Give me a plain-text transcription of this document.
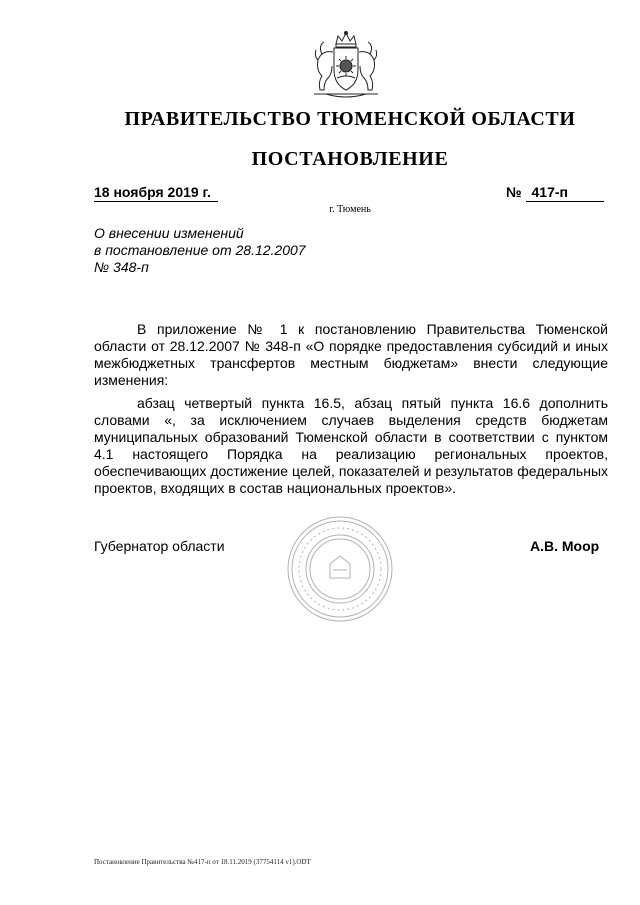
ПРАВИТЕЛЬСТВО ТЮМЕНСКОЙ ОБЛАСТИ
ПОСТАНОВЛЕНИЕ
18 ноября 2019 г.	№ 417-п
г. Тюмень
О внесении изменений
в постановление от 28.12.2007
№ 348-п

В приложение № 1 к постановлению Правительства Тюменской области от 28.12.2007 № 348-п «О порядке предоставления субсидий и иных межбюджетных трансфертов местным бюджетам» внести следующие изменения:

абзац четвертый пункта 16.5, абзац пятый пункта 16.6 дополнить словами «, за исключением случаев выделения средств бюджетам муниципальных образований Тюменской области в соответствии с пунктом 4.1 настоящего Порядка на реализацию региональных проектов, обеспечивающих достижение целей, показателей и результатов федеральных проектов, входящих в состав национальных проектов».

Губернатор области	А.В. Моор
Постановление Правительства №417-п от 18.11.2019 (37754114 v1).ODT
